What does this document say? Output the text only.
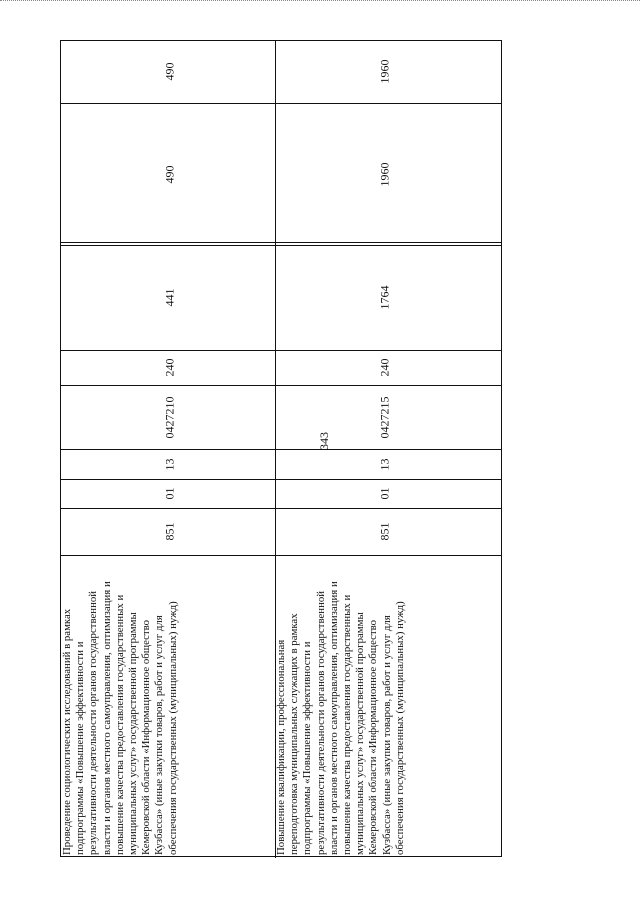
343
490
490
441
240
0427210
13
01
851
Проведение социологических исследований в рамках подпрограммы «Повышение эффективности и результативности деятельности органов государственной власти и органов местного самоуправления, оптимизация и повышение качества предоставления государственных и муниципальных услуг» государственной программы Кемеровской области «Информационное общество Кузбасса» (иные закупки товаров, работ и услуг для обеспечения государственных (муниципальных) нужд)
1960
1960
1764
240
0427215
13
01
851
Повышение квалификации, профессиональная переподготовка муниципальных служащих в рамках подпрограммы «Повышение эффективности и результативности деятельности органов государственной власти и органов местного самоуправления, оптимизация и повышение качества предоставления государственных и муниципальных услуг» государственной программы Кемеровской области «Информационное общество Кузбасса» (иные закупки товаров, работ и услуг для обеспечения государственных (муниципальных) нужд)
